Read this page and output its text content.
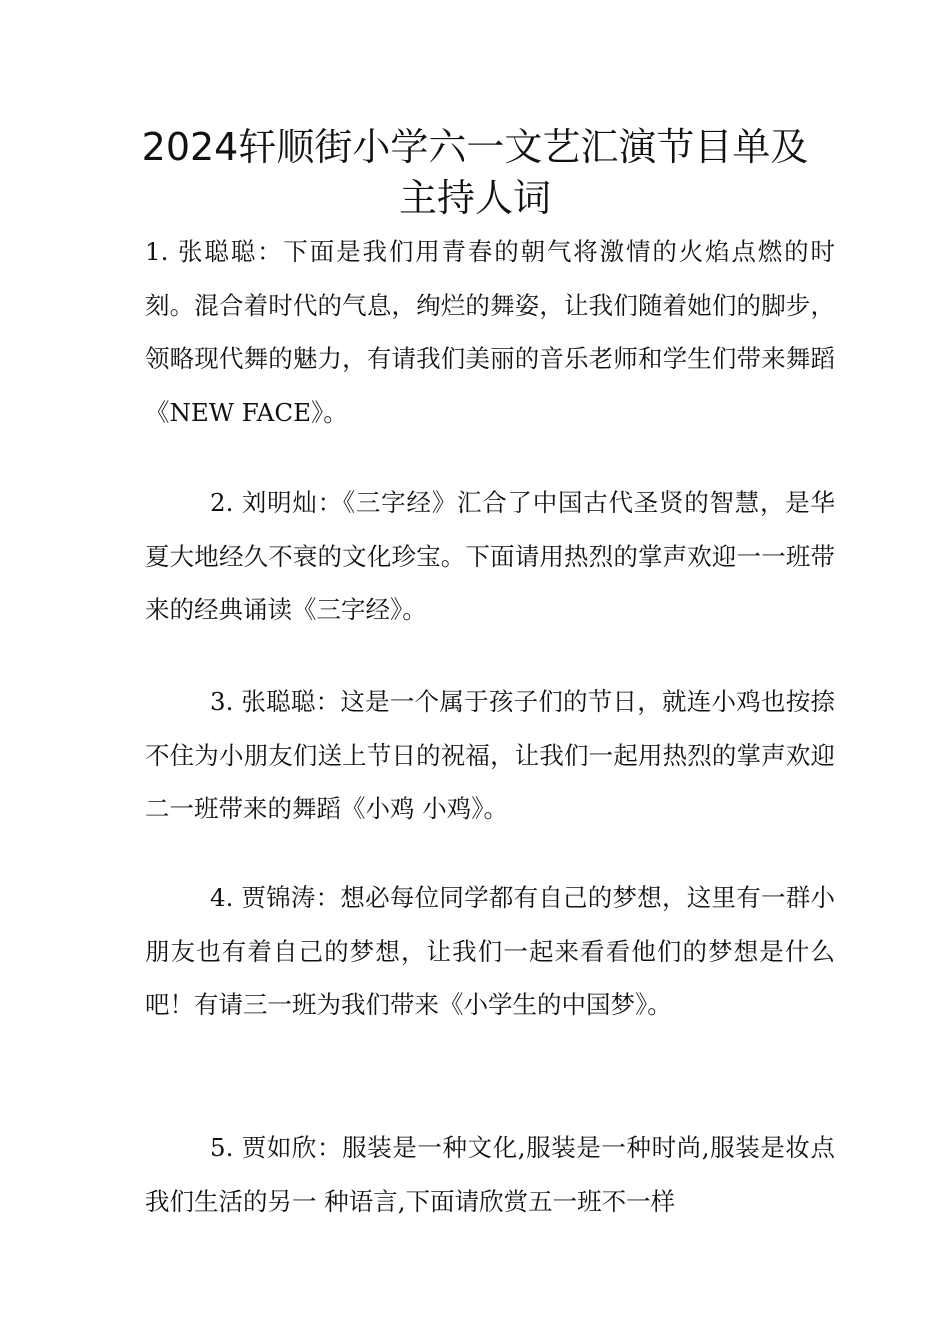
2024轩顺街小学六一文艺汇演节目单及主持人词

1. 张聪聪：下面是我们用青春的朝气将激情的火焰点燃的时刻。混合着时代的气息，绚烂的舞姿，让我们随着她们的脚步，领略现代舞的魅力，有请我们美丽的音乐老师和学生们带来舞蹈《NEW FACE》。

2. 刘明灿：《三字经》汇合了中国古代圣贤的智慧，是华夏大地经久不衰的文化珍宝。下面请用热烈的掌声欢迎一一班带来的经典诵读《三字经》。

3. 张聪聪：这是一个属于孩子们的节日，就连小鸡也按捺不住为小朋友们送上节日的祝福，让我们一起用热烈的掌声欢迎二一班带来的舞蹈《小鸡 小鸡》。

4. 贾锦涛：想必每位同学都有自己的梦想，这里有一群小朋友也有着自己的梦想，让我们一起来看看他们的梦想是什么吧！有请三一班为我们带来《小学生的中国梦》。

5. 贾如欣：服装是一种文化,服装是一种时尚,服装是妆点我们生活的另一 种语言,下面请欣赏五一班不一样
